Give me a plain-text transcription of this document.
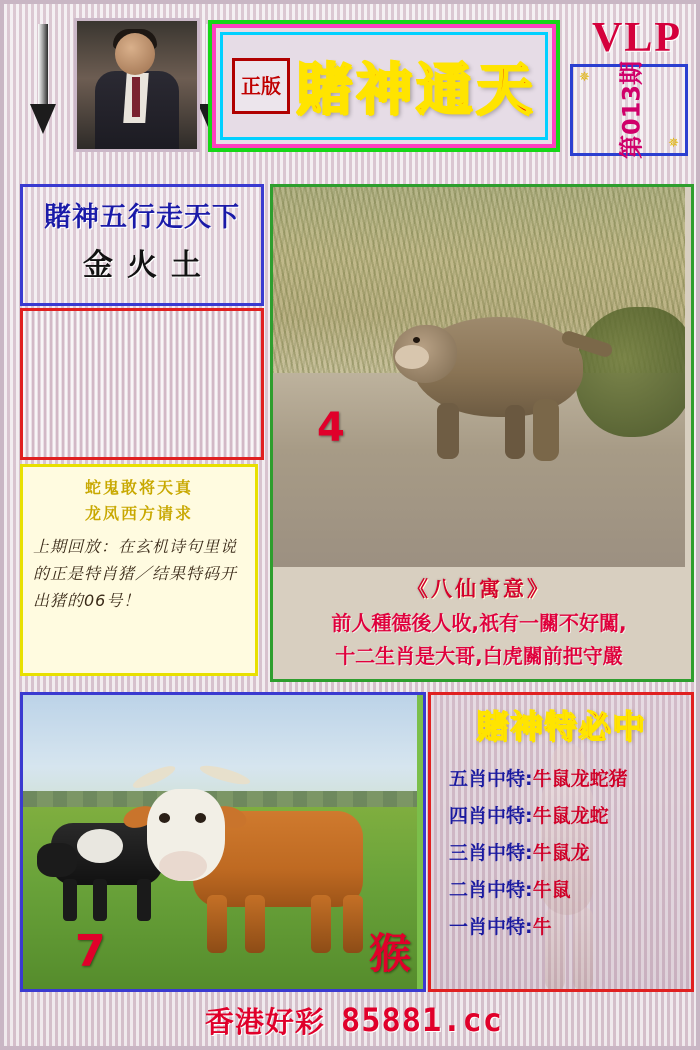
正版 賭神通天
VLP
✵
✵
第013期
賭神五行走天下
金火土
蛇鬼敢将天真
龙凤西方请求
上期回放：在玄机诗句里说的正是特肖猪／结果特码开出猪的06号！
4
《八仙寓意》
前人種德後人收,祇有一關不好闖,
十二生肖是大哥,白虎關前把守嚴
7	猴
賭神特必中
五肖中特:牛鼠龙蛇猪
四肖中特:牛鼠龙蛇
三肖中特:牛鼠龙
二肖中特:牛鼠
一肖中特:牛
香港好彩 85881.cc
